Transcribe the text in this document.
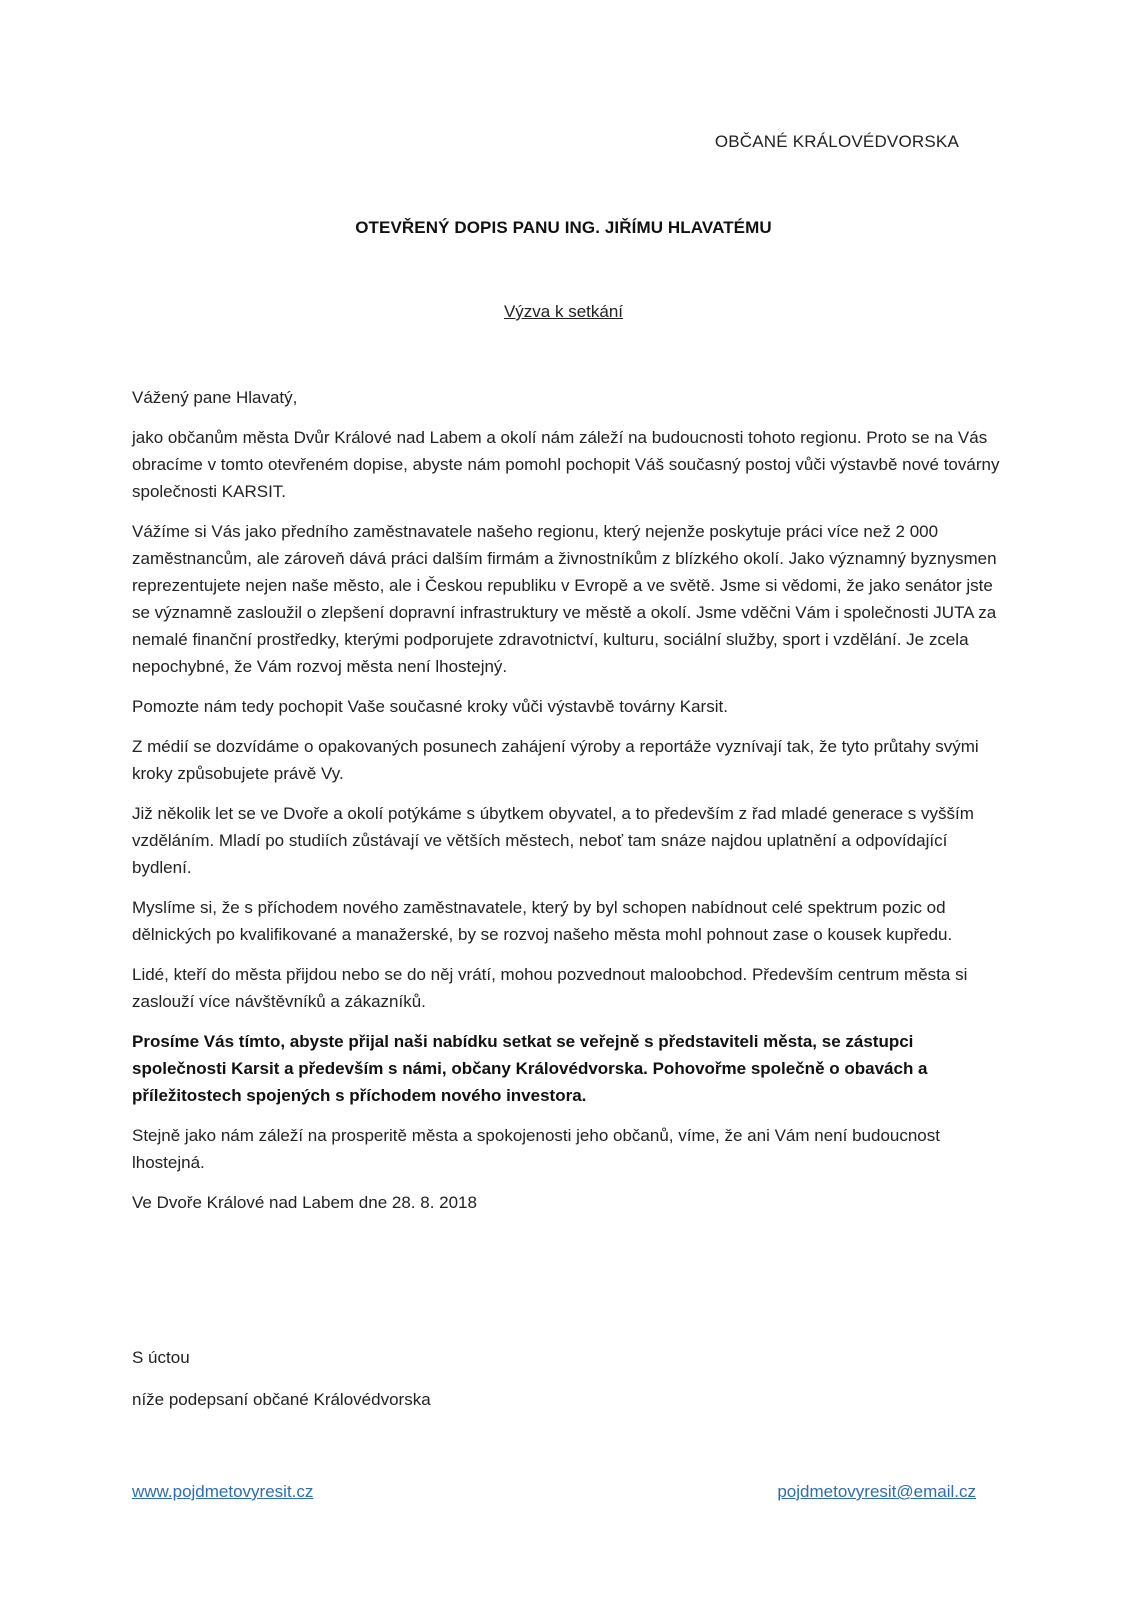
OBČANÉ KRÁLOVÉDVORSKA
OTEVŘENÝ DOPIS PANU ING. JIŘÍMU HLAVATÉMU
Výzva k setkání

Vážený pane Hlavatý,

jako občanům města Dvůr Králové nad Labem a okolí nám záleží na budoucnosti tohoto regionu. Proto se na Vás obracíme v tomto otevřeném dopise, abyste nám pomohl pochopit Váš současný postoj vůči výstavbě nové továrny společnosti KARSIT.

Vážíme si Vás jako předního zaměstnavatele našeho regionu, který nejenže poskytuje práci více než 2 000 zaměstnancům, ale zároveň dává práci dalším firmám a živnostníkům z blízkého okolí. Jako významný byznysmen reprezentujete nejen naše město, ale i Českou republiku v Evropě a ve světě. Jsme si vědomi, že jako senátor jste se významně zasloužil o zlepšení dopravní infrastruktury ve městě a okolí. Jsme vděčni Vám i společnosti JUTA za nemalé finanční prostředky, kterými podporujete zdravotnictví, kulturu, sociální služby, sport i vzdělání. Je zcela nepochybné, že Vám rozvoj města není lhostejný.

Pomozte nám tedy pochopit Vaše současné kroky vůči výstavbě továrny Karsit.

Z médií se dozvídáme o opakovaných posunech zahájení výroby a reportáže vyznívají tak, že tyto průtahy svými kroky způsobujete právě Vy.

Již několik let se ve Dvoře a okolí potýkáme s úbytkem obyvatel, a to především z řad mladé generace s vyšším vzděláním. Mladí po studiích zůstávají ve větších městech, neboť tam snáze najdou uplatnění a odpovídající bydlení.

Myslíme si, že s příchodem nového zaměstnavatele, který by byl schopen nabídnout celé spektrum pozic od dělnických po kvalifikované a manažerské, by se rozvoj našeho města mohl pohnout zase o kousek kupředu.

Lidé, kteří do města přijdou nebo se do něj vrátí, mohou pozvednout maloobchod. Především centrum města si zaslouží více návštěvníků a zákazníků.

Prosíme Vás tímto, abyste přijal naši nabídku setkat se veřejně s představiteli města, se zástupci společnosti Karsit a především s námi, občany Královédvorska. Pohovořme společně o obavách a příležitostech spojených s příchodem nového investora.

Stejně jako nám záleží na prosperitě města a spokojenosti jeho občanů, víme, že ani Vám není budoucnost lhostejná.

Ve Dvoře Králové nad Labem dne 28. 8. 2018

S úctou
níže podepsaní občané Královédvorska
www.pojdmetovyresit.cz	pojdmetovyresit@email.cz
